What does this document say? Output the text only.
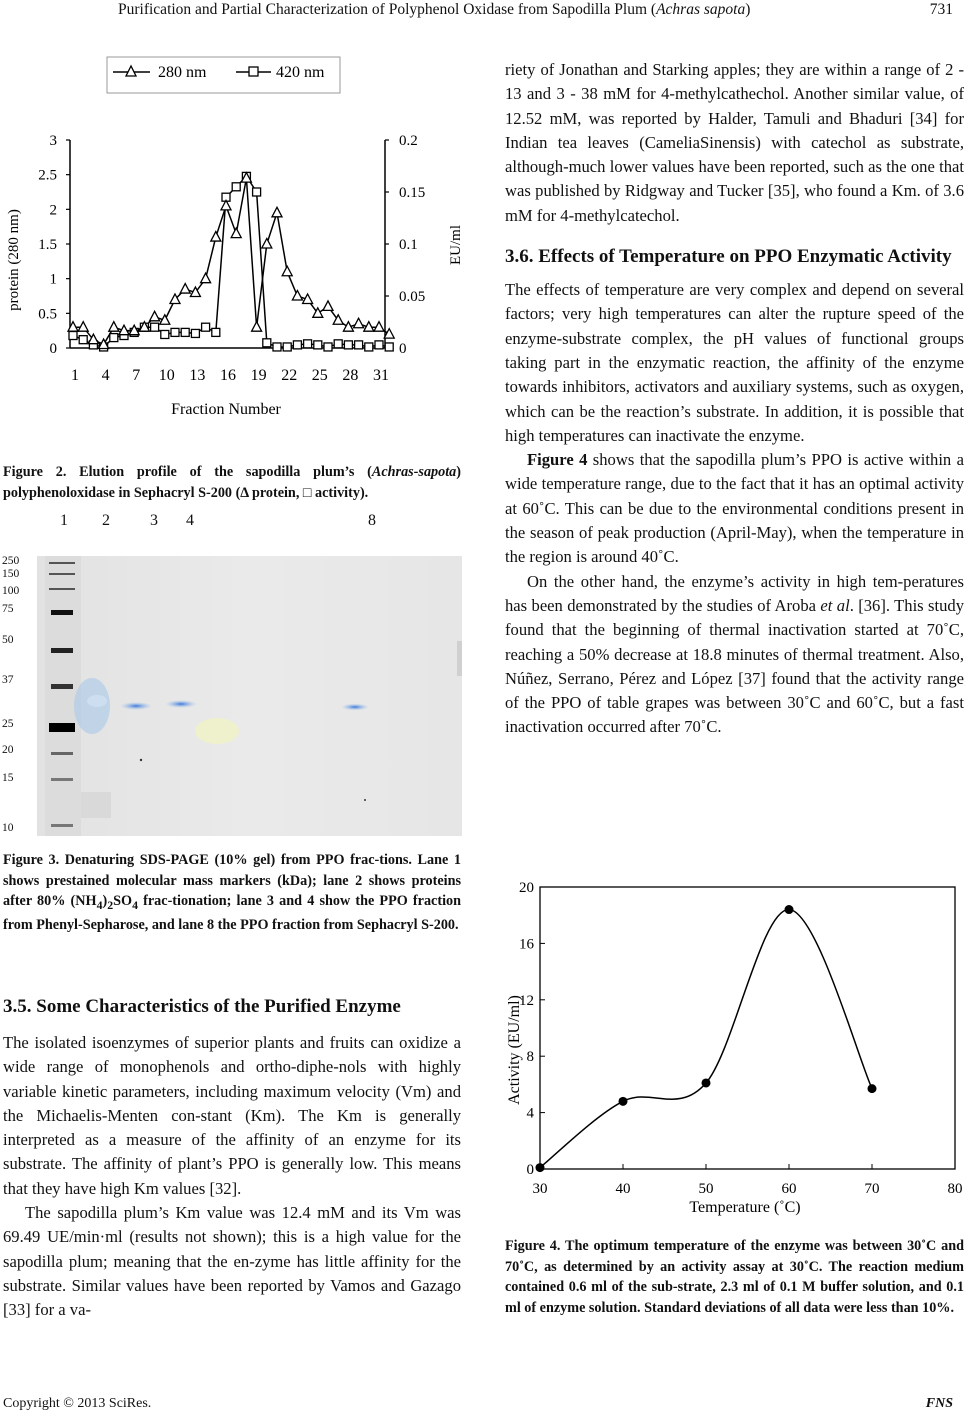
Purification and Partial Characterization of Polyphenol Oxidase from Sapodilla Plum (Achras sapota)	731
280 nm	420 nm
protein (280 nm)	EU/ml
Fraction Number
0
0.5
1
1.5
2
2.5
3
0
0.05
0.1
0.15
0.2
1 4 7 10 13 16 19 22 25 28 31
Figure 2. Elution profile of the sapodilla plum’s (Achras-sapota) polyphenoloxidase in Sephacryl S-200 (Δ protein, □ activity).
1 2	3 4	8
250
150
100
75
50
37
25
20
15
10
Figure 3. Denaturing SDS-PAGE (10% gel) from PPO frac-tions. Lane 1 shows prestained molecular mass markers (kDa); lane 2 shows proteins after 80% $(NH_4)_2SO_4$ frac-tionation; lane 3 and 4 show the PPO fraction from Phenyl-Sepharose, and lane 8 the PPO fraction from Sephacryl S-200.

3.5. Some Characteristics of the Purified Enzyme

The isolated isoenzymes of superior plants and fruits can oxidize a wide range of monophenols and ortho-diphe-nols with highly variable kinetic parameters, including maximum velocity (Vm) and the Michaelis-Menten con-stant (Km). The Km is generally interpreted as a measure of the affinity of an enzyme for its substrate. The affinity of plant’s PPO is generally low. This means that they have high Km values [32].

The sapodilla plum’s Km value was 12.4 mM and its Vm was 69.49 UE/min·ml (results not shown); this is a high value for the sapodilla plum; meaning that the en-zyme has little affinity for the substrate. Similar values have been reported by Vamos and Gazago [33] for a va-

riety of Jonathan and Starking apples; they are within a range of 2 - 13 and 3 - 38 mM for 4-methylcathechol. Another similar value, of 12.52 mM, was reported by Halder, Tamuli and Bhaduri [34] for Indian tea leaves (CameliaSinensis) with catechol as substrate, although-much lower values have been reported, such as the one that was published by Ridgway and Tucker [35], who found a Km. of 3.6 mM for 4-methylcatechol.

3.6. Effects of Temperature on PPO Enzymatic Activity

The effects of temperature are very complex and depend on several factors; very high temperatures can alter the rupture speed of the enzyme-substrate complex, the pH values of functional groups taking part in the enzymatic reaction, the affinity of the enzyme towards inhibitors, activators and auxiliary systems, such as oxygen, which can be the reaction’s substrate. In addition, it is possible that high temperatures can inactivate the enzyme.

Figure 4 shows that the sapodilla plum’s PPO is active within a wide temperature range, due to the fact that it has an optimal activity at 60˚C. This can be due to the environmental conditions present in the season of peak production (April-May), when the temperature in the region is around 40˚C.

On the other hand, the enzyme’s activity in high tem-peratures has been demonstrated by the studies of Aroba et al. [36]. This study found that the beginning of thermal inactivation started at 70˚C, reaching a 50% decrease at 18.8 minutes of thermal treatment. Also, Núñez, Serrano, Pérez and López [37] found that the activity range of the PPO of table grapes was between 30˚C and 60˚C, but a fast inactivation occurred after 70˚C.

Activity (EU/ml)
Temperature (˚C)
0
4
8
12
16
20
30	40	50	60	70	80
Figure 4. The optimum temperature of the enzyme was between 30˚C and 70˚C, as determined by an activity assay at 30˚C. The reaction medium contained 0.6 ml of the sub-strate, 2.3 ml of 0.1 M buffer solution, and 0.1 ml of enzyme solution. Standard deviations of all data were less than 10%.
Copyright © 2013 SciRes.	FNS
